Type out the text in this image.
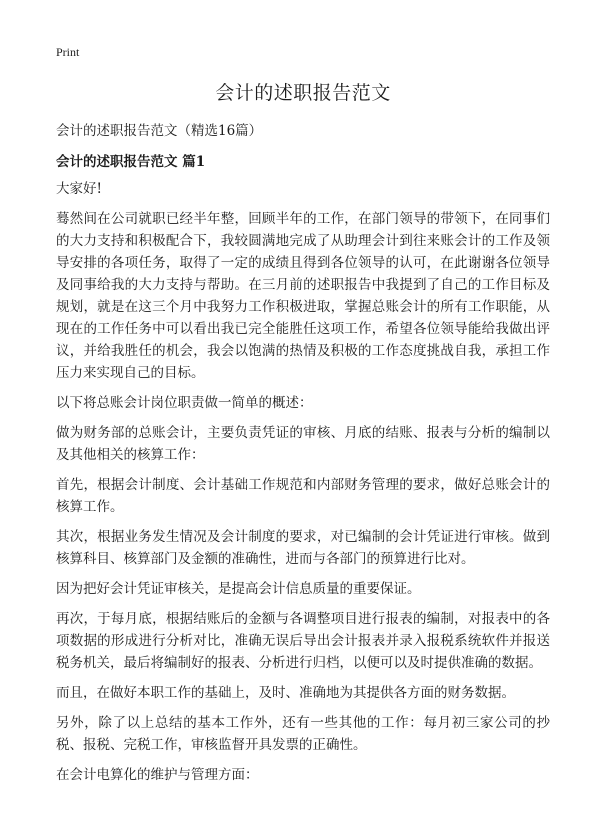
Print
会计的述职报告范文
会计的述职报告范文（精选16篇）
会计的述职报告范文 篇1

大家好!

蓦然间在公司就职已经半年整，回顾半年的工作，在部门领导的带领下，在同事们的大力支持和积极配合下，我较圆满地完成了从助理会计到往来账会计的工作及领导安排的各项任务，取得了一定的成绩且得到各位领导的认可，在此谢谢各位领导及同事给我的大力支持与帮助。在三月前的述职报告中我提到了自己的工作目标及规划，就是在这三个月中我努力工作积极进取，掌握总账会计的所有工作职能，从现在的工作任务中可以看出我已完全能胜任这项工作，希望各位领导能给我做出评议，并给我胜任的机会，我会以饱满的热情及积极的工作态度挑战自我，承担工作压力来实现自己的目标。

以下将总账会计岗位职责做一简单的概述：

做为财务部的总账会计，主要负责凭证的审核、月底的结账、报表与分析的编制以及其他相关的核算工作：

首先，根据会计制度、会计基础工作规范和内部财务管理的要求，做好总账会计的核算工作。

其次，根据业务发生情况及会计制度的要求，对已编制的会计凭证进行审核。做到核算科目、核算部门及金额的准确性，进而与各部门的预算进行比对。

因为把好会计凭证审核关，是提高会计信息质量的重要保证。

再次，于每月底，根据结账后的金额与各调整项目进行报表的编制，对报表中的各项数据的形成进行分析对比，准确无误后导出会计报表并录入报税系统软件并报送税务机关，最后将编制好的报表、分析进行归档，以便可以及时提供准确的数据。

而且，在做好本职工作的基础上，及时、准确地为其提供各方面的财务数据。

另外，除了以上总结的基本工作外，还有一些其他的工作：每月初三家公司的抄税、报税、完税工作，审核监督开具发票的正确性。

在会计电算化的维护与管理方面：
